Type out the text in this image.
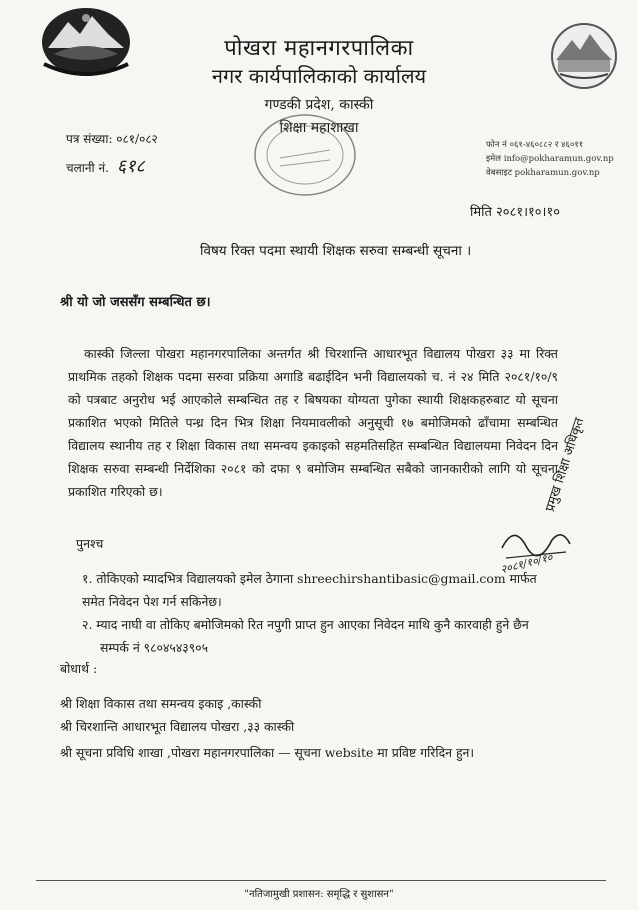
पोखरा महानगरपालिका
नगर कार्यपालिकाको कार्यालय
गण्डकी प्रदेश, कास्की
शिक्षा महाशाखा
पत्र संख्या: ०८१/०८२
चलानी नं. ६१८
फोन नं ०६१-४६०८८२ र ४६०११
इमेल info@pokharamun.gov.np
वेबसाइट pokharamun.gov.np
मिति २०८१।१०।१०
विषय रिक्त पदमा स्थायी शिक्षक सरुवा सम्बन्धी सूचना ।
श्री यो जो जससँग सम्बन्धित छ।
कास्की जिल्ला पोखरा महानगरपालिका अन्तर्गत श्री चिरशान्ति आधारभूत विद्यालय पोखरा ३३ मा रिक्त प्राथमिक तहको शिक्षक पदमा सरुवा प्रक्रिया अगाडि बढाईदिन भनी विद्यालयको च. नं २४ मिति २०८१/१०/९ को पत्रबाट अनुरोध भई आएकोले सम्बन्धित तह र बिषयका योग्यता पुगेका स्थायी शिक्षकहरुबाट यो सूचना प्रकाशित भएको मितिले पन्ध्र दिन भित्र शिक्षा नियमावलीको अनुसूची १७ बमोजिमको ढाँचामा सम्बन्धित विद्यालय स्थानीय तह र शिक्षा विकास तथा समन्वय इकाइको सहमतिसहित सम्बन्धित विद्यालयमा निवेदन दिन शिक्षक सरुवा सम्बन्धी निर्देशिका २०८१ को दफा ९ बमोजिम सम्बन्धित सबैको जानकारीको लागि यो सूचना प्रकाशित गरिएको छ।
२०८१/१०/१०
प्रमुख शिक्षा अधिकृत
पुनश्च
१. तोकिएको म्यादभित्र विद्यालयको इमेल ठेगाना shreechirshantibasic@gmail.com मार्फत
समेत निवेदन पेश गर्न सकिनेछ।
२. म्याद नाघी वा तोकिए बमोजिमको रित नपुगी प्राप्त हुन आएका निवेदन माथि कुनै कारवाही हुने छैन
सम्पर्क नं ९८०४५४३९०५
बोधार्थ :
श्री शिक्षा विकास तथा समन्वय इकाइ ,कास्की
श्री चिरशान्ति आधारभूत विद्यालय पोखरा ,३३ कास्की
श्री सूचना प्रविधि शाखा ,पोखरा महानगरपालिका — सूचना website मा प्रविष्ट गरिदिन हुन।
"नतिजामुखी प्रशासन: समृद्धि र सुशासन"
